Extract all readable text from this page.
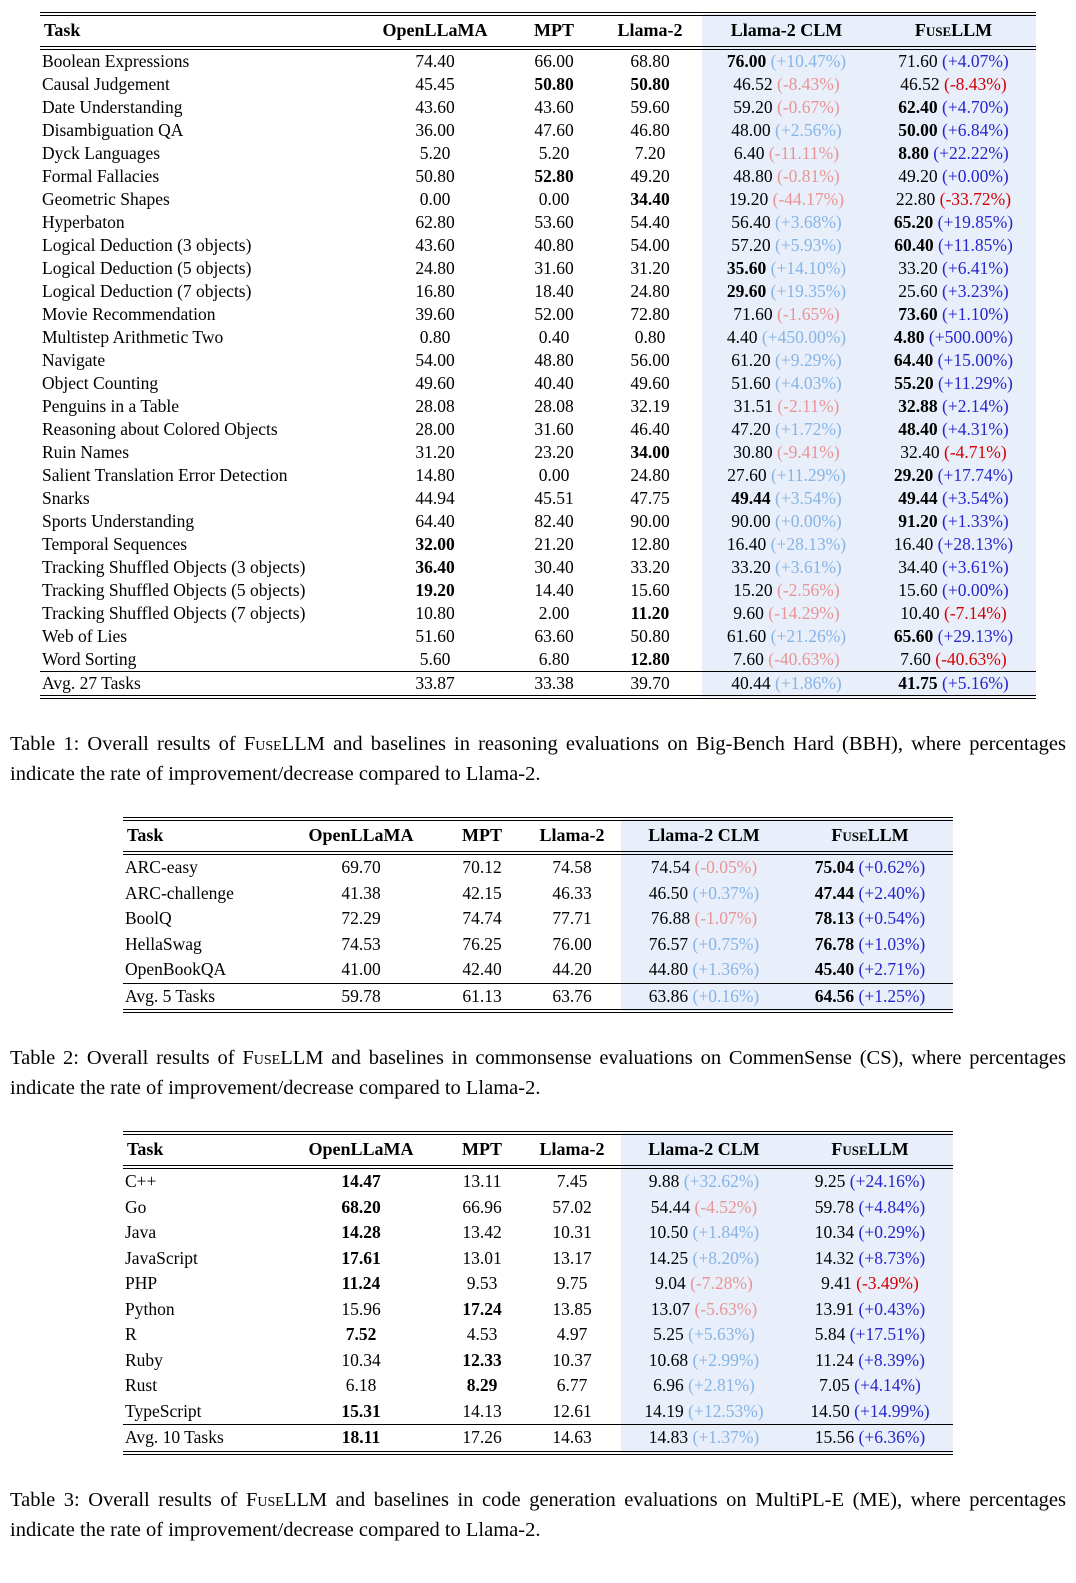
Task	OpenLLaMA	MPT	Llama-2	Llama-2 CLM	FuseLLM
Boolean Expressions	74.40	66.00	68.80	76.00 (+10.47%)	71.60 (+4.07%)
Causal Judgement	45.45	50.80	50.80	46.52 (-8.43%)	46.52 (-8.43%)
Date Understanding	43.60	43.60	59.60	59.20 (-0.67%)	62.40 (+4.70%)
Disambiguation QA	36.00	47.60	46.80	48.00 (+2.56%)	50.00 (+6.84%)
Dyck Languages	5.20	5.20	7.20	6.40 (-11.11%)	8.80 (+22.22%)
Formal Fallacies	50.80	52.80	49.20	48.80 (-0.81%)	49.20 (+0.00%)
Geometric Shapes	0.00	0.00	34.40	19.20 (-44.17%)	22.80 (-33.72%)
Hyperbaton	62.80	53.60	54.40	56.40 (+3.68%)	65.20 (+19.85%)
Logical Deduction (3 objects)	43.60	40.80	54.00	57.20 (+5.93%)	60.40 (+11.85%)
Logical Deduction (5 objects)	24.80	31.60	31.20	35.60 (+14.10%)	33.20 (+6.41%)
Logical Deduction (7 objects)	16.80	18.40	24.80	29.60 (+19.35%)	25.60 (+3.23%)
Movie Recommendation	39.60	52.00	72.80	71.60 (-1.65%)	73.60 (+1.10%)
Multistep Arithmetic Two	0.80	0.40	0.80	4.40 (+450.00%)	4.80 (+500.00%)
Navigate	54.00	48.80	56.00	61.20 (+9.29%)	64.40 (+15.00%)
Object Counting	49.60	40.40	49.60	51.60 (+4.03%)	55.20 (+11.29%)
Penguins in a Table	28.08	28.08	32.19	31.51 (-2.11%)	32.88 (+2.14%)
Reasoning about Colored Objects	28.00	31.60	46.40	47.20 (+1.72%)	48.40 (+4.31%)
Ruin Names	31.20	23.20	34.00	30.80 (-9.41%)	32.40 (-4.71%)
Salient Translation Error Detection	14.80	0.00	24.80	27.60 (+11.29%)	29.20 (+17.74%)
Snarks	44.94	45.51	47.75	49.44 (+3.54%)	49.44 (+3.54%)
Sports Understanding	64.40	82.40	90.00	90.00 (+0.00%)	91.20 (+1.33%)
Temporal Sequences	32.00	21.20	12.80	16.40 (+28.13%)	16.40 (+28.13%)
Tracking Shuffled Objects (3 objects)	36.40	30.40	33.20	33.20 (+3.61%)	34.40 (+3.61%)
Tracking Shuffled Objects (5 objects)	19.20	14.40	15.60	15.20 (-2.56%)	15.60 (+0.00%)
Tracking Shuffled Objects (7 objects)	10.80	2.00	11.20	9.60 (-14.29%)	10.40 (-7.14%)
Web of Lies	51.60	63.60	50.80	61.60 (+21.26%)	65.60 (+29.13%)
Word Sorting	5.60	6.80	12.80	7.60 (-40.63%)	7.60 (-40.63%)
Avg. 27 Tasks	33.87	33.38	39.70	40.44 (+1.86%)	41.75 (+5.16%)

Table 1: Overall results of FuseLLM and baselines in reasoning evaluations on Big-Bench Hard (BBH), where percentages indicate the rate of improvement/decrease compared to Llama-2.

Task	OpenLLaMA	MPT	Llama-2	Llama-2 CLM	FuseLLM
ARC-easy	69.70	70.12	74.58	74.54 (-0.05%)	75.04 (+0.62%)
ARC-challenge	41.38	42.15	46.33	46.50 (+0.37%)	47.44 (+2.40%)
BoolQ	72.29	74.74	77.71	76.88 (-1.07%)	78.13 (+0.54%)
HellaSwag	74.53	76.25	76.00	76.57 (+0.75%)	76.78 (+1.03%)
OpenBookQA	41.00	42.40	44.20	44.80 (+1.36%)	45.40 (+2.71%)
Avg. 5 Tasks	59.78	61.13	63.76	63.86 (+0.16%)	64.56 (+1.25%)

Table 2: Overall results of FuseLLM and baselines in commonsense evaluations on CommenSense (CS), where percentages indicate the rate of improvement/decrease compared to Llama-2.

Task	OpenLLaMA	MPT	Llama-2	Llama-2 CLM	FuseLLM
C++	14.47	13.11	7.45	9.88 (+32.62%)	9.25 (+24.16%)
Go	68.20	66.96	57.02	54.44 (-4.52%)	59.78 (+4.84%)
Java	14.28	13.42	10.31	10.50 (+1.84%)	10.34 (+0.29%)
JavaScript	17.61	13.01	13.17	14.25 (+8.20%)	14.32 (+8.73%)
PHP	11.24	9.53	9.75	9.04 (-7.28%)	9.41 (-3.49%)
Python	15.96	17.24	13.85	13.07 (-5.63%)	13.91 (+0.43%)
R	7.52	4.53	4.97	5.25 (+5.63%)	5.84 (+17.51%)
Ruby	10.34	12.33	10.37	10.68 (+2.99%)	11.24 (+8.39%)
Rust	6.18	8.29	6.77	6.96 (+2.81%)	7.05 (+4.14%)
TypeScript	15.31	14.13	12.61	14.19 (+12.53%)	14.50 (+14.99%)
Avg. 10 Tasks	18.11	17.26	14.63	14.83 (+1.37%)	15.56 (+6.36%)

Table 3: Overall results of FuseLLM and baselines in code generation evaluations on MultiPL-E (ME), where percentages indicate the rate of improvement/decrease compared to Llama-2.
